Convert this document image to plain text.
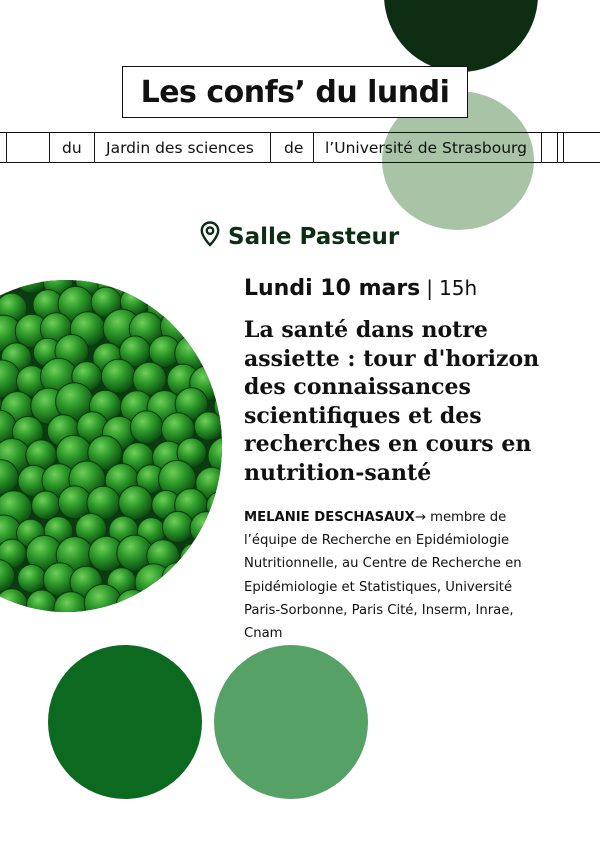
Les confs’ du lundi
du Jardin des sciences de l’Université de Strasbourg
Salle Pasteur
Lundi 10 mars | 15h
La santé dans notre assiette : tour d'horizon des connaissances scientifiques et des recherches en cours en nutrition-santé
MELANIE DESCHASAUX→ membre de l’équipe de Recherche en Epidémiologie Nutritionnelle, au Centre de Recherche en Epidémiologie et Statistiques, Université Paris-Sorbonne, Paris Cité, Inserm, Inrae, Cnam
